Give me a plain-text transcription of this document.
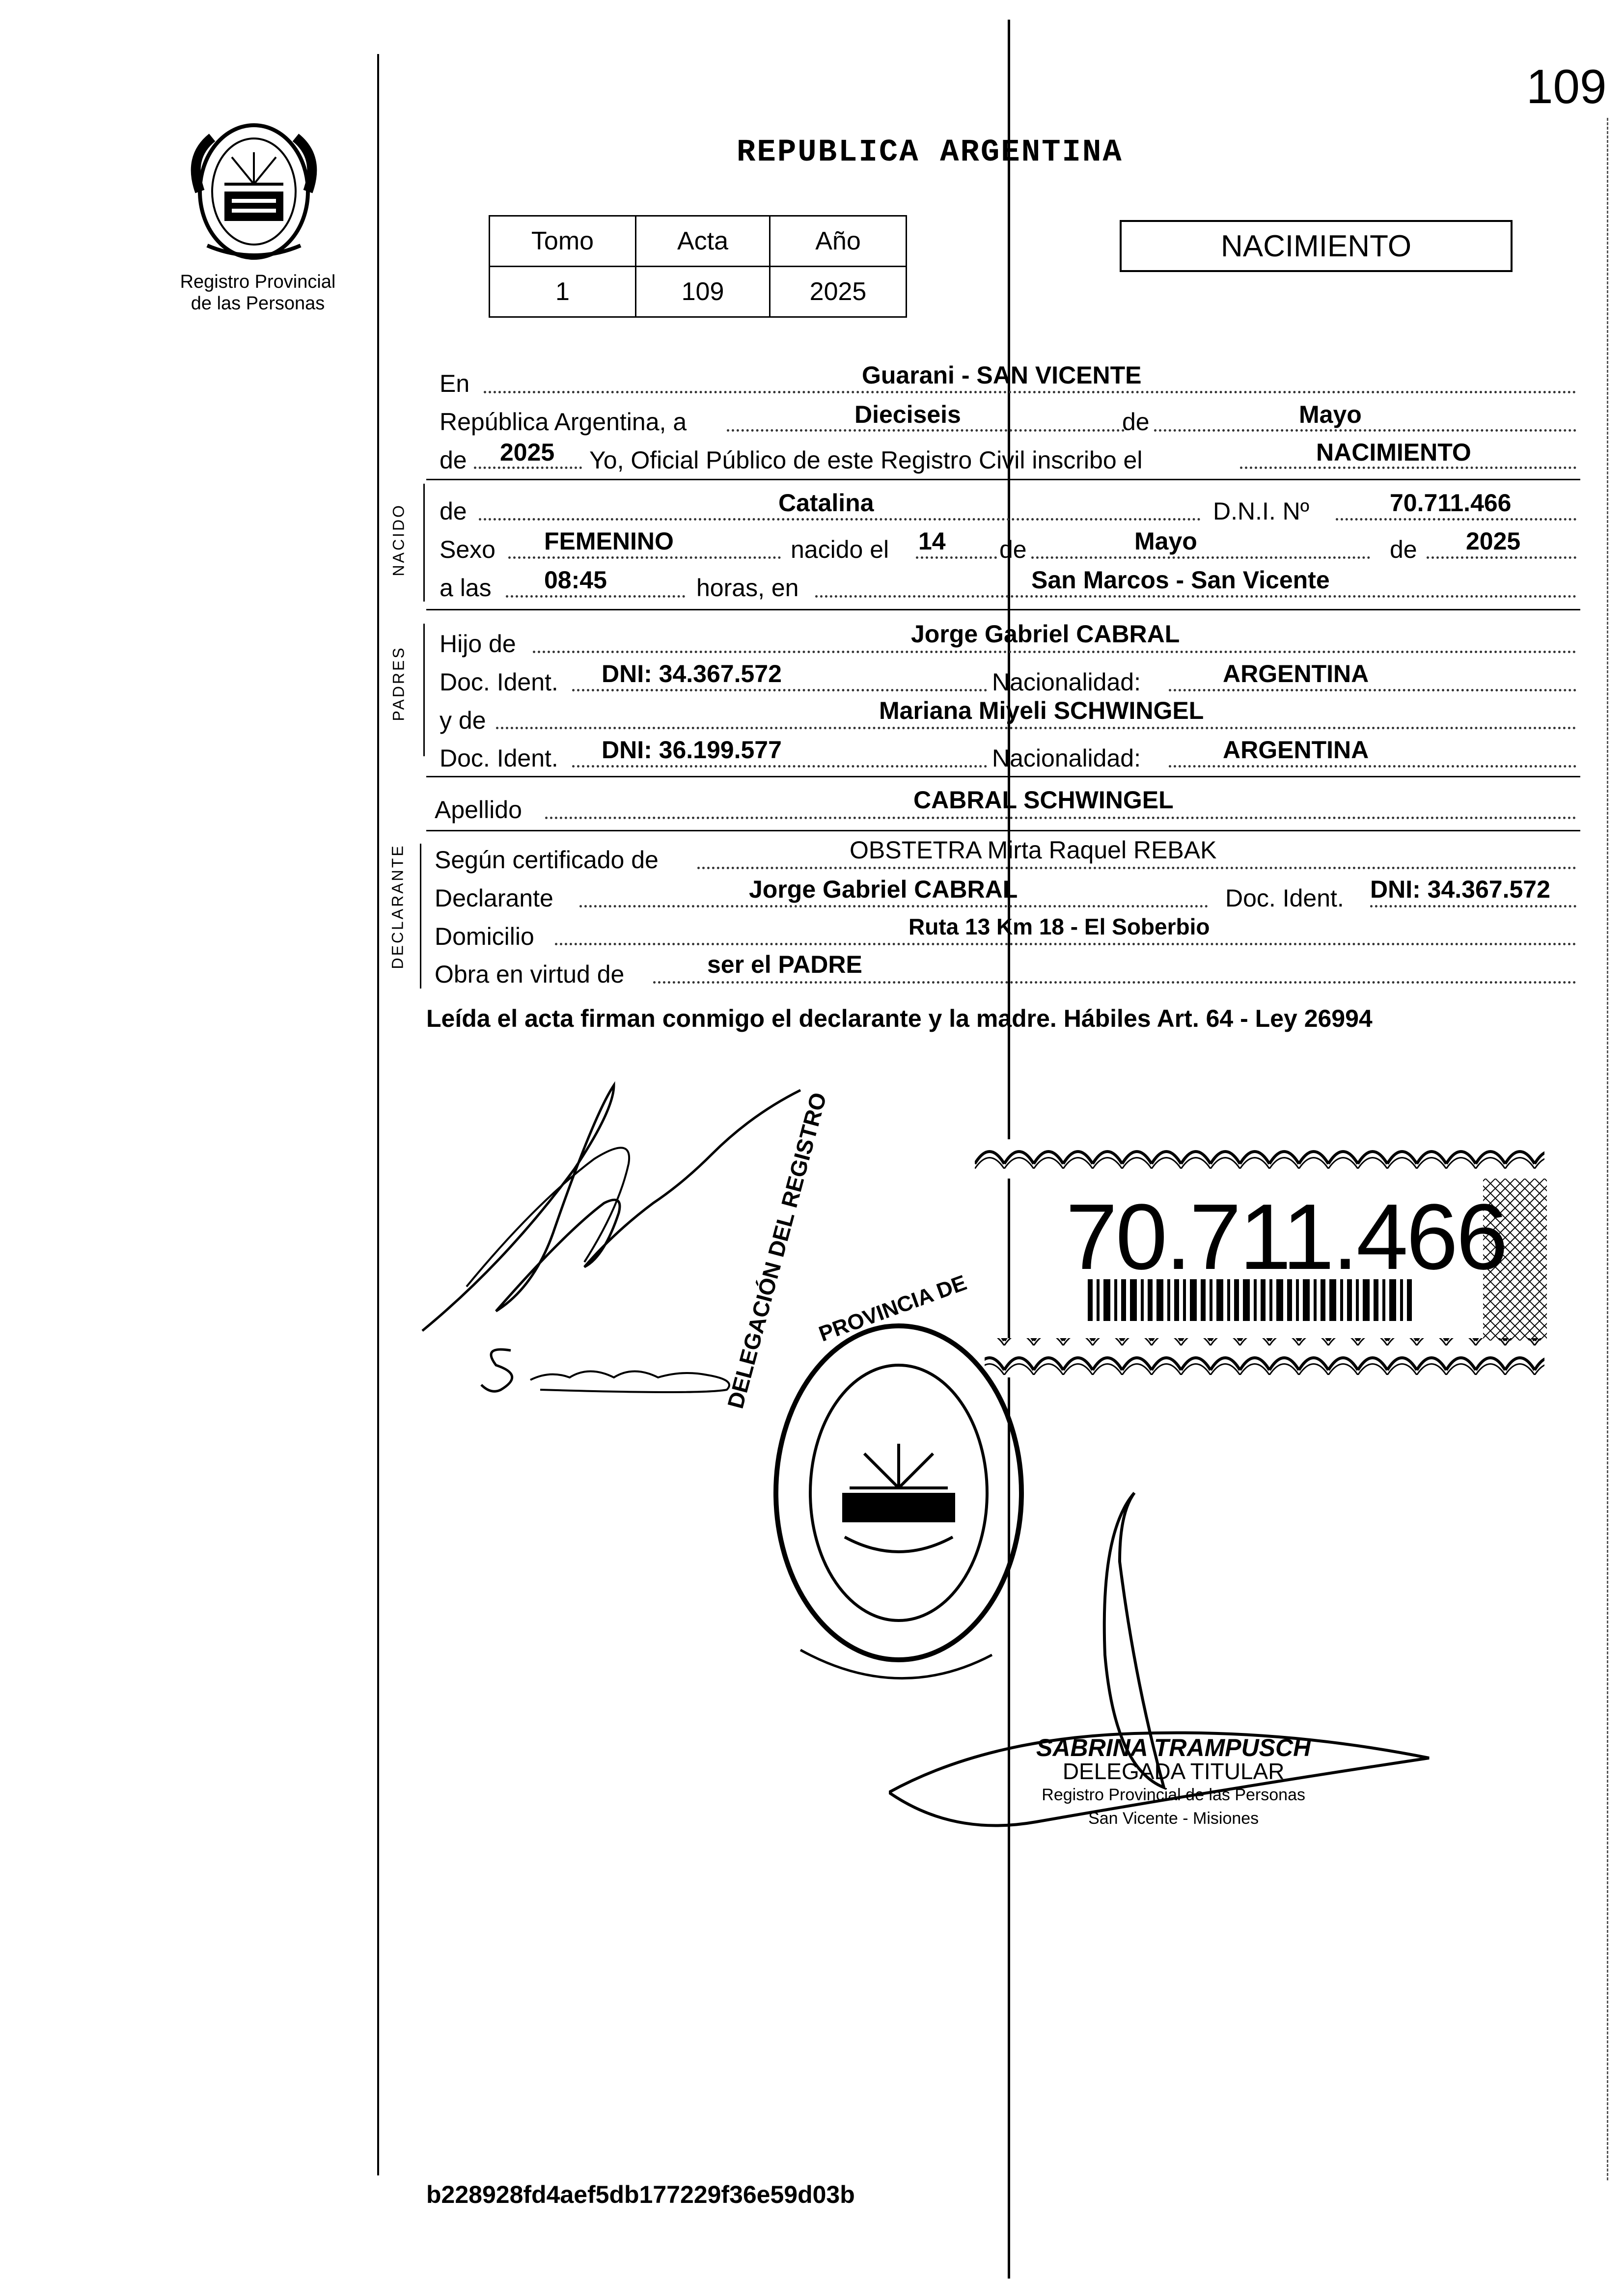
109
Registro Provincial
de las Personas
REPUBLICA ARGENTINA
Tomo	Acta	Año
1	109	2025
NACIMIENTO
En	Guarani - SAN VICENTE
República Argentina, a	Dieciseis	de	Mayo
de 2025 Yo, Oficial Público de este Registro Civil inscribo el	NACIMIENTO
NACIDO de	Catalina	D.N.I. Nº	70.711.466
Sexo FEMENINO	nacido el 14 de	Mayo	de 2025
a las 08:45	horas, en	San Marcos - San Vicente
PADRES
Hijo de	Jorge Gabriel CABRAL
Doc. Ident. DNI: 34.367.572	Nacionalidad:	ARGENTINA
y de	Mariana Miyeli SCHWINGEL
Doc. Ident. DNI: 36.199.577	Nacionalidad:	ARGENTINA
Apellido	CABRAL SCHWINGEL
DECLARANTE Según certificado de	OBSTETRA Mirta Raquel REBAK
Declarante	Jorge Gabriel CABRAL	Doc. Ident. DNI: 34.367.572
Domicilio	Ruta 13 Km 18 - El Soberbio
Obra en virtud de	ser el PADRE
Leída el acta firman conmigo el declarante y la madre. Hábiles Art. 64 - Ley 26994
70.711.466
PROVINCIA DE
DELEGACIÓN DEL REGISTRO
SABRINA TRAMPUSCH
DELEGADA TITULAR
Registro Provincial de las Personas
San Vicente - Misiones
b228928fd4aef5db177229f36e59d03b
